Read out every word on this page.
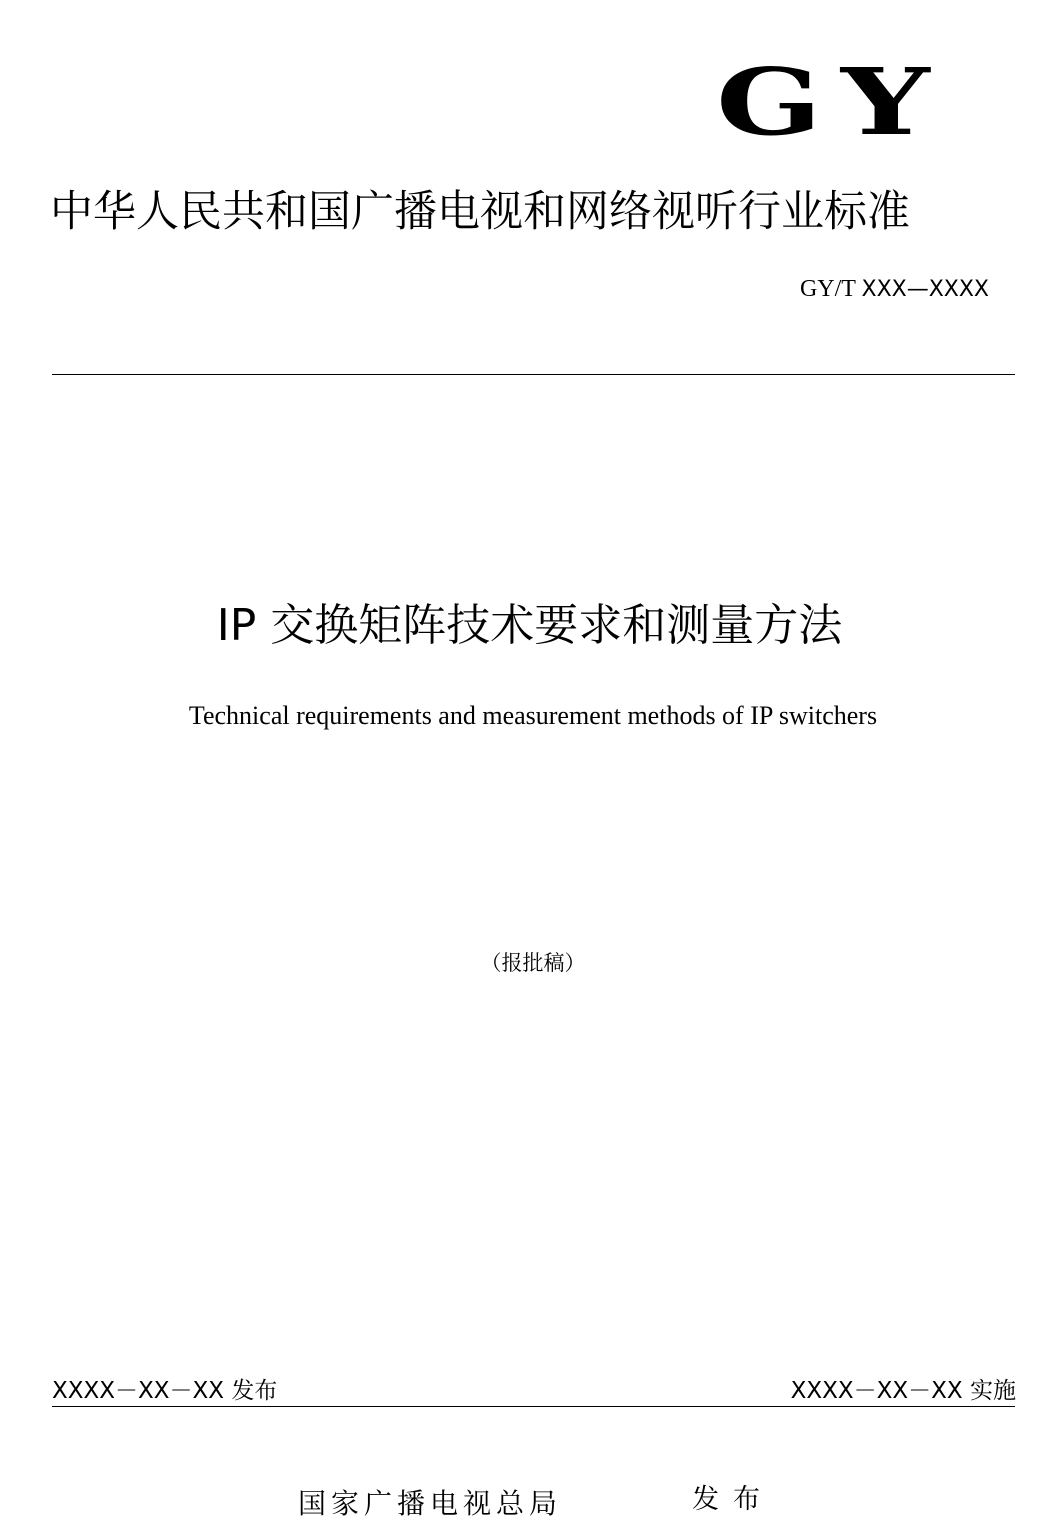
GY
中华人民共和国广播电视和网络视听行业标准
GY/T XXX—XXXX
IP 交换矩阵技术要求和测量方法
Technical requirements and measurement methods of IP switchers
（报批稿）
XXXX－XX－XX 发布	XXXX－XX－XX 实施
国家广播电视总局	发布
